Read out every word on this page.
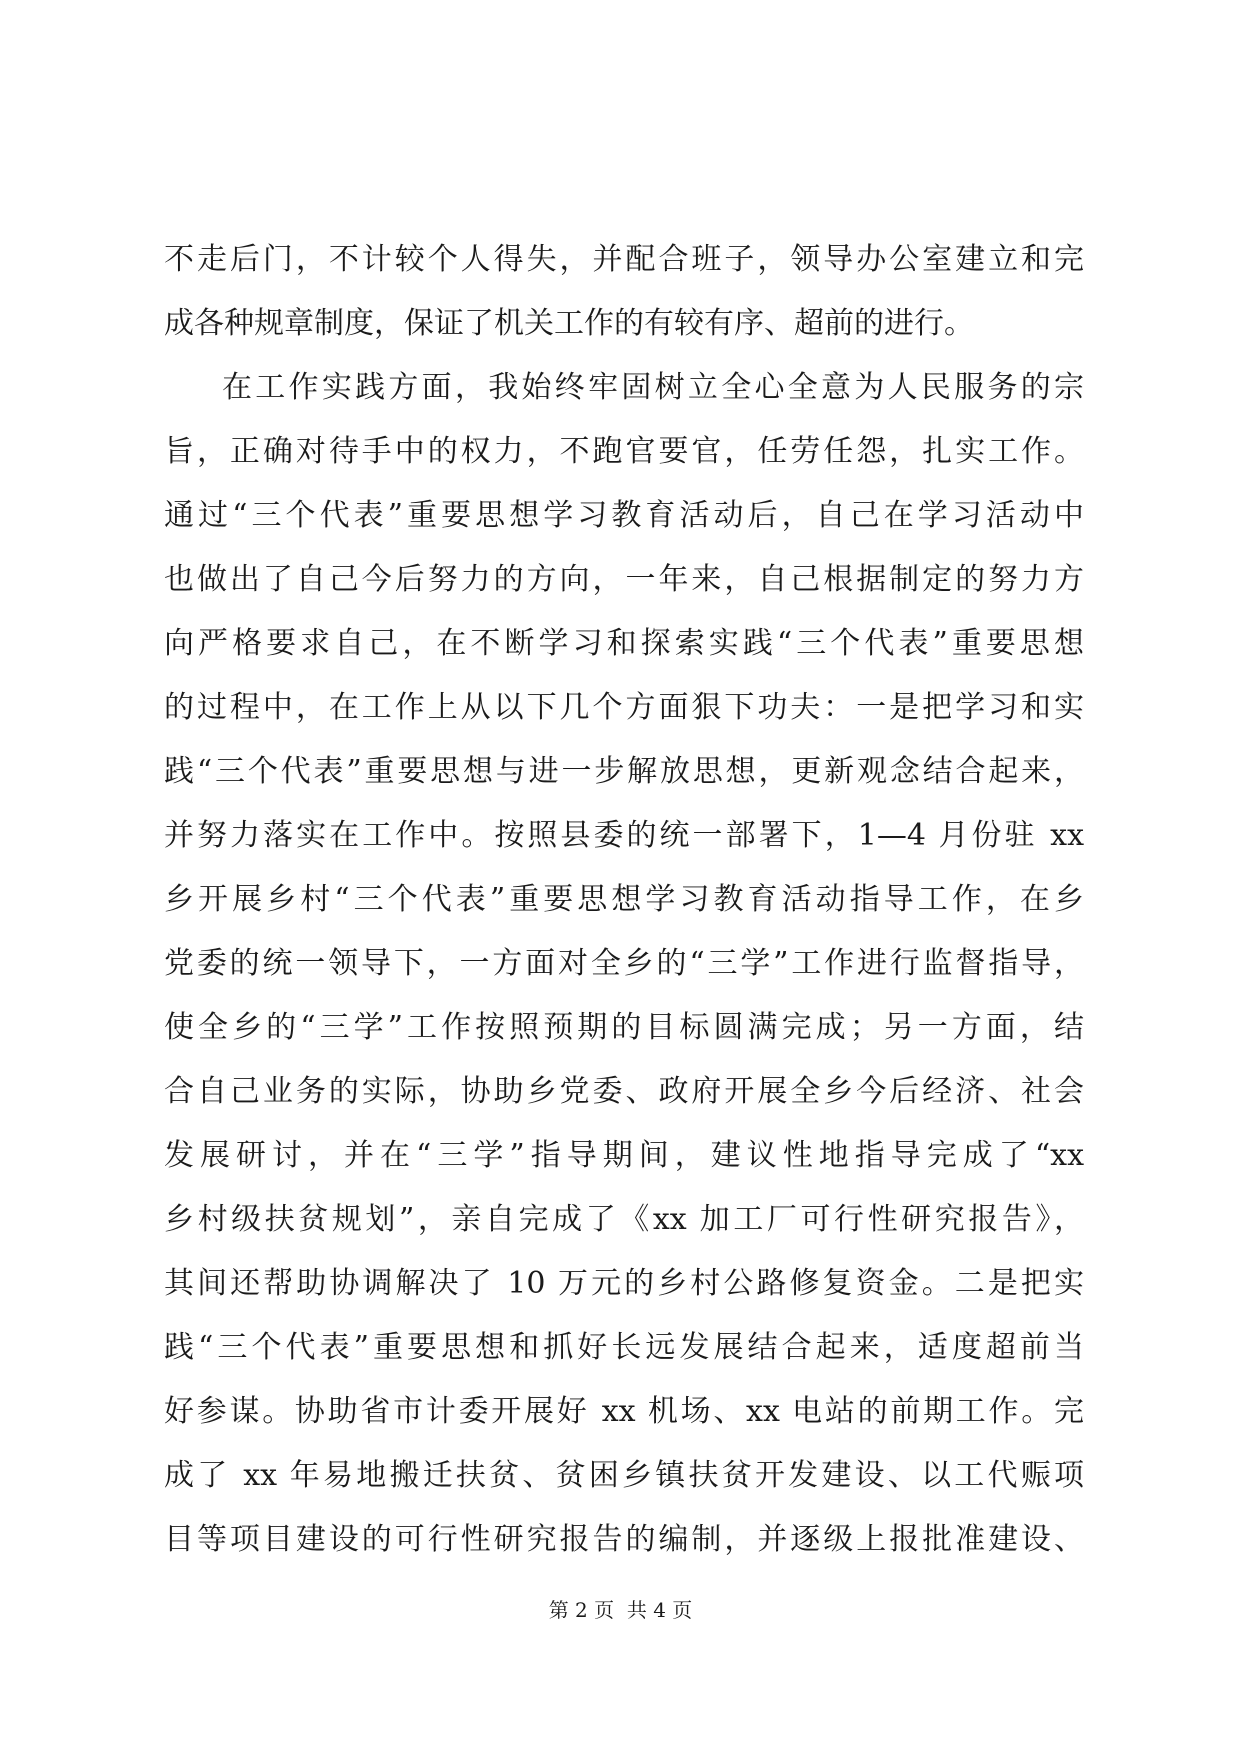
不走后门，不计较个人得失，并配合班子，领导办公室建立和完
成各种规章制度，保证了机关工作的有较有序、超前的进行。
在工作实践方面，我始终牢固树立全心全意为人民服务的宗
旨，正确对待手中的权力，不跑官要官，任劳任怨，扎实工作。
通过“三个代表”重要思想学习教育活动后，自己在学习活动中
也做出了自己今后努力的方向，一年来，自己根据制定的努力方
向严格要求自己，在不断学习和探索实践“三个代表”重要思想
的过程中，在工作上从以下几个方面狠下功夫：一是把学习和实
践“三个代表”重要思想与进一步解放思想，更新观念结合起来，
并努力落实在工作中。按照县委的统一部署下，1—4 月份驻 xx
乡开展乡村“三个代表”重要思想学习教育活动指导工作，在乡
党委的统一领导下，一方面对全乡的“三学”工作进行监督指导，
使全乡的“三学”工作按照预期的目标圆满完成；另一方面，结
合自己业务的实际，协助乡党委、政府开展全乡今后经济、社会
发展研讨，并在“三学”指导期间，建议性地指导完成了“xx
乡村级扶贫规划”，亲自完成了《xx 加工厂可行性研究报告》，
其间还帮助协调解决了 10 万元的乡村公路修复资金。二是把实
践“三个代表”重要思想和抓好长远发展结合起来，适度超前当
好参谋。协助省市计委开展好 xx 机场、xx 电站的前期工作。完
成了 xx 年易地搬迁扶贫、贫困乡镇扶贫开发建设、以工代赈项
目等项目建设的可行性研究报告的编制，并逐级上报批准建设、
第 2 页  共 4 页
